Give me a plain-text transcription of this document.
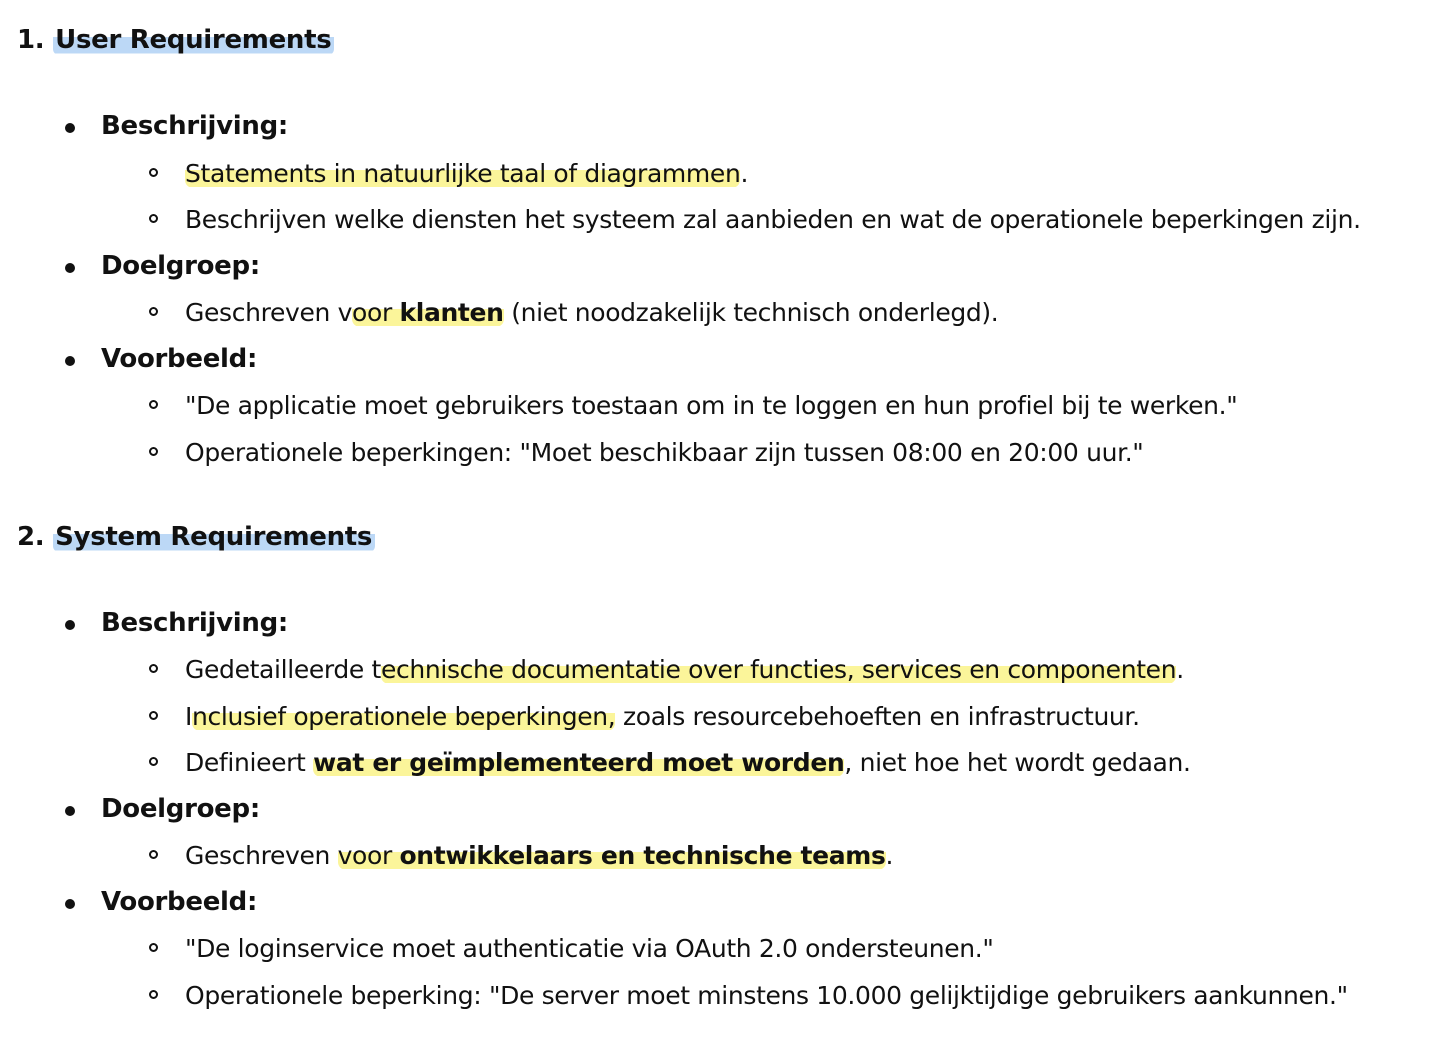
1. User Requirements
Beschrijving:
Statements in natuurlijke taal of diagrammen.
Beschrijven welke diensten het systeem zal aanbieden en wat de operationele beperkingen zijn.
Doelgroep:
Geschreven voor klanten (niet noodzakelijk technisch onderlegd).
Voorbeeld:
"De applicatie moet gebruikers toestaan om in te loggen en hun profiel bij te werken."
Operationele beperkingen: "Moet beschikbaar zijn tussen 08:00 en 20:00 uur."
2. System Requirements
Beschrijving:
Gedetailleerde technische documentatie over functies, services en componenten.
Inclusief operationele beperkingen, zoals resourcebehoeften en infrastructuur.
Definieert wat er geïmplementeerd moet worden, niet hoe het wordt gedaan.
Doelgroep:
Geschreven voor ontwikkelaars en technische teams.
Voorbeeld:
"De loginservice moet authenticatie via OAuth 2.0 ondersteunen."
Operationele beperking: "De server moet minstens 10.000 gelijktijdige gebruikers aankunnen."
